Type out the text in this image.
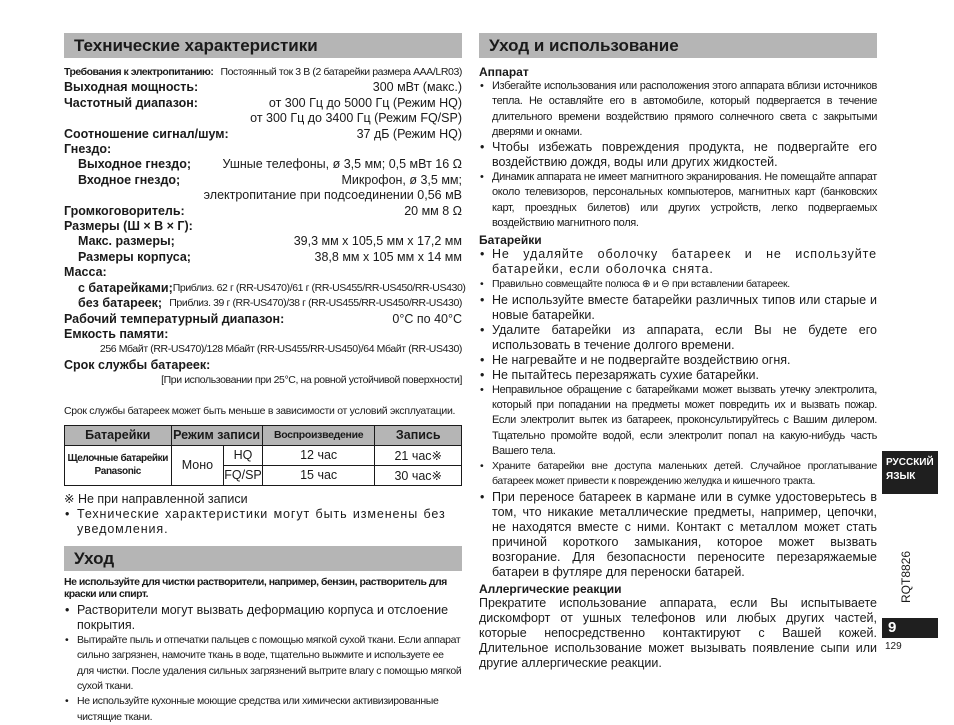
Технические характеристики
Требования к электропитанию: Постоянный ток 3 В (2 батарейки размера AAA/LR03)
Выходная мощность:	300 мВт (макс.)
Частотный диапазон:	от 300 Гц до 5000 Гц (Режим HQ)
от 300 Гц до 3400 Гц (Режим FQ/SP)
Соотношение сигнал/шум:	37 дБ (Режим HQ)
Гнездо:
Выходное гнездо;	Ушные телефоны, ø 3,5 мм; 0,5 мВт 16 Ω
Входное гнездо;	Микрофон, ø 3,5 мм;
электропитание при подсоединении 0,56 мВ
Громкоговоритель:	20 мм 8 Ω
Размеры (Ш × В × Г):
Макс. размеры;	39,3 мм x 105,5 мм x 17,2 мм
Размеры корпуса;	38,8 мм x 105 мм x 14 мм
Масса:
с батарейками; Приблиз. 62 г (RR-US470)/61 г (RR-US455/RR-US450/RR-US430)
без батареек; Приблиз. 39 г (RR-US470)/38 г (RR-US455/RR-US450/RR-US430)
Рабочий температурный диапазон:	0°C по 40°C
Емкость памяти:
256 Мбайт (RR-US470)/128 Мбайт (RR-US455/RR-US450)/64 Мбайт (RR-US430)
Срок службы батареек:
[При использовании при 25°C, на ровной устойчивой поверхности]
Срок службы батареек может быть меньше в зависимости от условий эксплуатации.
Батарейки	Режим записи		Воспроизведение	Запись

Щелочные батарейки
Panasonic	Моно	HQ	12 час	21 час※
		FQ/SP	15 час	30 час※
※ Не при направленной записи
• Технические характеристики могут быть изменены без уведомления.
Уход
Не используйте для чистки растворители, например, бензин, растворитель для краски или спирт.
• Растворители могут вызвать деформацию корпуса и отслоение покрытия.
• Вытирайте пыль и отпечатки пальцев с помощью мягкой сухой ткани. Если аппарат сильно загрязнен, намочите ткань в воде, тщательно выжмите и используете ее для чистки. После удаления сильных загрязнений вытрите влагу с помощью мягкой сухой ткани.
• Не используйте кухонные моющие средства или химически активизированные чистящие ткани.
Уход и использование
Аппарат
• Избегайте использования или расположения этого аппарата вблизи источников тепла. Не оставляйте его в автомобиле, который подвергается в течение длительного времени воздействию прямого солнечного света с закрытыми дверями и окнами.
• Чтобы избежать повреждения продукта, не подвергайте его воздействию дождя, воды или других жидкостей.
• Динамик аппарата не имеет магнитного экранирования. Не помещайте аппарат около телевизоров, персональных компьютеров, магнитных карт (банковских карт, проездных билетов) или других устройств, легко подвергаемых воздействию магнитного поля.
Батарейки
• Не удаляйте оболочку батареек и не используйте батарейки, если оболочка снята.
• Правильно совмещайте полюса ⊕ и ⊖ при вставлении батареек.
• Не используйте вместе батарейки различных типов или старые и новые батарейки.
• Удалите батарейки из аппарата, если Вы не будете его использовать в течение долгого времени.
• Не нагревайте и не подвергайте воздействию огня.
• Не пытайтесь перезаряжать сухие батарейки.
• Неправильное обращение с батарейками может вызвать утечку электролита, который при попадании на предметы может повредить их и вызвать пожар. Если электролит вытек из батареек, проконсультируйтесь с Вашим дилером. Тщательно промойте водой, если электролит попал на какую-нибудь часть Вашего тела.
• Храните батарейки вне доступа маленьких детей. Случайное проглатывание батареек может привести к повреждению желудка и кишечного тракта.
• При переносе батареек в кармане или в сумке удостоверьтесь в том, что никакие металлические предметы, например, цепочки, не находятся вместе с ними. Контакт с металлом может стать причиной короткого замыкания, которое может вызвать возгорание. Для безопасности переносите перезаряжаемые батареи в футляре для переноски батарей.
Аллергические реакции
Прекратите использование аппарата, если Вы испытываете дискомфорт от ушных телефонов или любых других частей, которые непосредственно контактируют с Вашей кожей. Длительное использование может вызывать появление сыпи или другие аллергические реакции.
РУССКИЙ
ЯЗЫК
RQT8826
9
129
